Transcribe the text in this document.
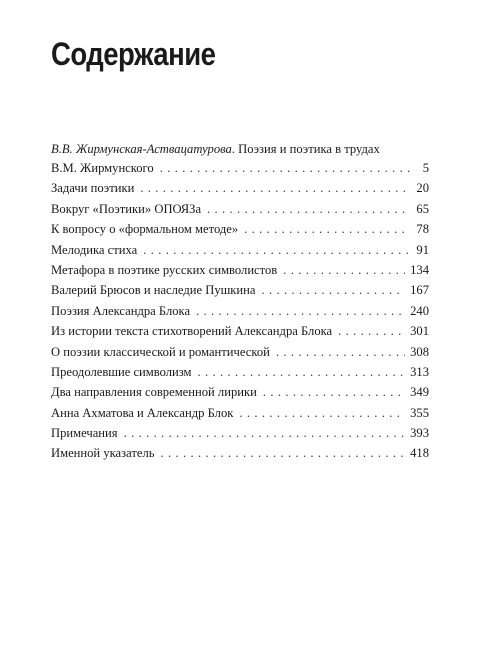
Содержание
В.В. Жирмунская-Аствацатурова. Поэзия и поэтика в трудах
В.М. Жирмунского . . .	5
Задачи поэтики . . .	20
Вокруг «Поэтики» ОПОЯЗа . . .	65
К вопросу о «формальном методе» . . .	78
Мелодика стиха . . .	91
Метафора в поэтике русских символистов . . .	134
Валерий Брюсов и наследие Пушкина . . .	167
Поэзия Александра Блока . . .	240
Из истории текста стихотворений Александра Блока . . .	301
О поэзии классической и романтической . . .	308
Преодолевшие символизм . . .	313
Два направления современной лирики . . .	349
Анна Ахматова и Александр Блок . . .	355
Примечания . . .	393
Именной указатель . . .	418
